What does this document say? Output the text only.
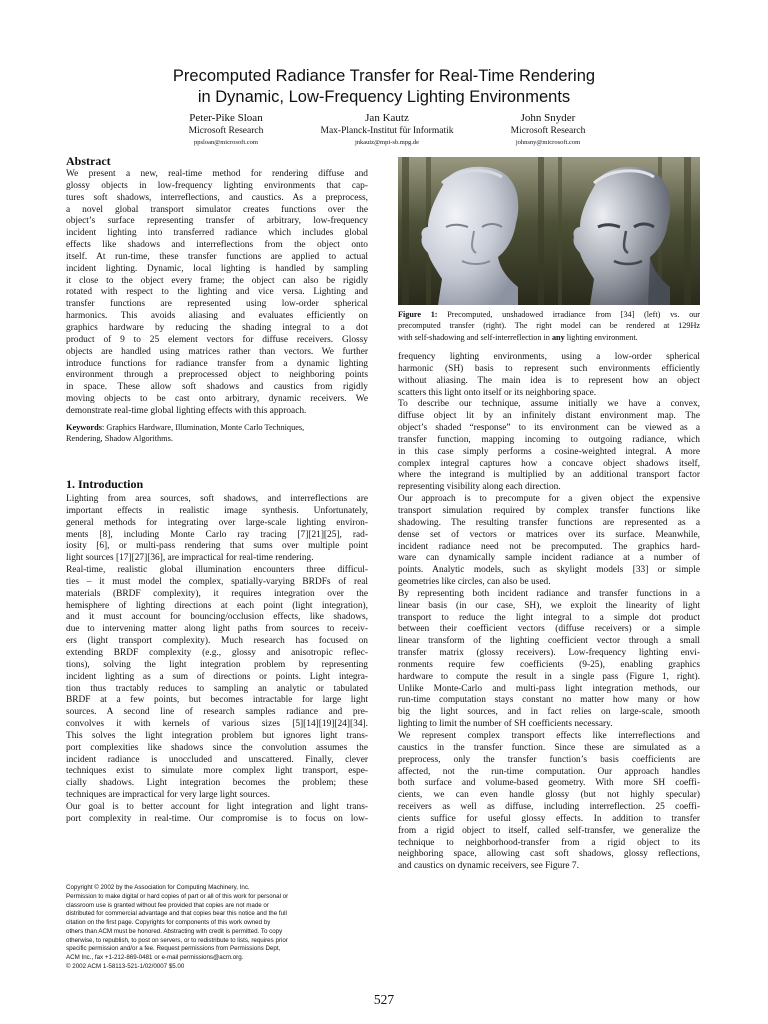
Precomputed Radiance Transfer for Real-Time Rendering
in Dynamic, Low-Frequency Lighting Environments
Peter-Pike Sloan
Microsoft Research
ppsloan@microsoft.com
Jan Kautz
Max-Planck-Institut für Informatik
jnkautz@mpi-sb.mpg.de
John Snyder
Microsoft Research
johnsny@microsoft.com
Abstract

We present a new, real-time method for rendering diffuse and

glossy objects in low-frequency lighting environments that cap-

tures soft shadows, interreflections, and caustics. As a preprocess,

a novel global transport simulator creates functions over the

object’s surface representing transfer of arbitrary, low-frequency

incident lighting into transferred radiance which includes global

effects like shadows and interreflections from the object onto

itself. At run-time, these transfer functions are applied to actual

incident lighting. Dynamic, local lighting is handled by sampling

it close to the object every frame; the object can also be rigidly

rotated with respect to the lighting and vice versa. Lighting and

transfer functions are represented using low-order spherical

harmonics. This avoids aliasing and evaluates efficiently on

graphics hardware by reducing the shading integral to a dot

product of 9 to 25 element vectors for diffuse receivers. Glossy

objects are handled using matrices rather than vectors. We further

introduce functions for radiance transfer from a dynamic lighting

environment through a preprocessed object to neighboring points

in space. These allow soft shadows and caustics from rigidly

moving objects to be cast onto arbitrary, dynamic receivers. We

demonstrate real-time global lighting effects with this approach.

Keywords: Graphics Hardware, Illumination, Monte Carlo Techniques,
Rendering, Shadow Algorithms.
1. Introduction

Lighting from area sources, soft shadows, and interreflections are

important effects in realistic image synthesis. Unfortunately,

general methods for integrating over large-scale lighting environ-

ments [8], including Monte Carlo ray tracing [7][21][25], rad-

iosity [6], or multi-pass rendering that sums over multiple point

light sources [17][27][36], are impractical for real-time rendering.

Real-time, realistic global illumination encounters three difficul-

ties – it must model the complex, spatially-varying BRDFs of real

materials (BRDF complexity), it requires integration over the

hemisphere of lighting directions at each point (light integration),

and it must account for bouncing/occlusion effects, like shadows,

due to intervening matter along light paths from sources to receiv-

ers (light transport complexity). Much research has focused on

extending BRDF complexity (e.g., glossy and anisotropic reflec-

tions), solving the light integration problem by representing

incident lighting as a sum of directions or points. Light integra-

tion thus tractably reduces to sampling an analytic or tabulated

BRDF at a few points, but becomes intractable for large light

sources. A second line of research samples radiance and pre-

convolves it with kernels of various sizes [5][14][19][24][34].

This solves the light integration problem but ignores light trans-

port complexities like shadows since the convolution assumes the

incident radiance is unoccluded and unscattered. Finally, clever

techniques exist to simulate more complex light transport, espe-

cially shadows. Light integration becomes the problem; these

techniques are impractical for very large light sources.

Our goal is to better account for light integration and light trans-

port complexity in real-time. Our compromise is to focus on low-

Figure 1: Precomputed, unshadowed irradiance from [34] (left) vs. our

precomputed transfer (right). The right model can be rendered at 129Hz

with self-shadowing and self-interreflection in any lighting environment.

frequency lighting environments, using a low-order spherical

harmonic (SH) basis to represent such environments efficiently

without aliasing. The main idea is to represent how an object

scatters this light onto itself or its neighboring space.

To describe our technique, assume initially we have a convex,

diffuse object lit by an infinitely distant environment map. The

object’s shaded “response” to its environment can be viewed as a

transfer function, mapping incoming to outgoing radiance, which

in this case simply performs a cosine-weighted integral. A more

complex integral captures how a concave object shadows itself,

where the integrand is multiplied by an additional transport factor

representing visibility along each direction.

Our approach is to precompute for a given object the expensive

transport simulation required by complex transfer functions like

shadowing. The resulting transfer functions are represented as a

dense set of vectors or matrices over its surface. Meanwhile,

incident radiance need not be precomputed. The graphics hard-

ware can dynamically sample incident radiance at a number of

points. Analytic models, such as skylight models [33] or simple

geometries like circles, can also be used.

By representing both incident radiance and transfer functions in a

linear basis (in our case, SH), we exploit the linearity of light

transport to reduce the light integral to a simple dot product

between their coefficient vectors (diffuse receivers) or a simple

linear transform of the lighting coefficient vector through a small

transfer matrix (glossy receivers). Low-frequency lighting envi-

ronments require few coefficients (9-25), enabling graphics

hardware to compute the result in a single pass (Figure 1, right).

Unlike Monte-Carlo and multi-pass light integration methods, our

run-time computation stays constant no matter how many or how

big the light sources, and in fact relies on large-scale, smooth

lighting to limit the number of SH coefficients necessary.

We represent complex transport effects like interreflections and

caustics in the transfer function. Since these are simulated as a

preprocess, only the transfer function’s basis coefficients are

affected, not the run-time computation. Our approach handles

both surface and volume-based geometry. With more SH coeffi-

cients, we can even handle glossy (but not highly specular)

receivers as well as diffuse, including interreflection. 25 coeffi-

cients suffice for useful glossy effects. In addition to transfer

from a rigid object to itself, called self-transfer, we generalize the

technique to neighborhood-transfer from a rigid object to its

neighboring space, allowing cast soft shadows, glossy reflections,

and caustics on dynamic receivers, see Figure 7.

Copyright © 2002 by the Association for Computing Machinery, Inc.

Permission to make digital or hard copies of part or all of this work for personal or

classroom use is granted without fee provided that copies are not made or

distributed for commercial advantage and that copies bear this notice and the full

citation on the first page. Copyrights for components of this work owned by

others than ACM must be honored. Abstracting with credit is permitted. To copy

otherwise, to republish, to post on servers, or to redistribute to lists, requires prior

specific permission and/or a fee. Request permissions from Permissions Dept,

ACM Inc., fax +1-212-869-0481 or e-mail permissions@acm.org.

© 2002 ACM 1-58113-521-1/02/0007 $5.00

527
